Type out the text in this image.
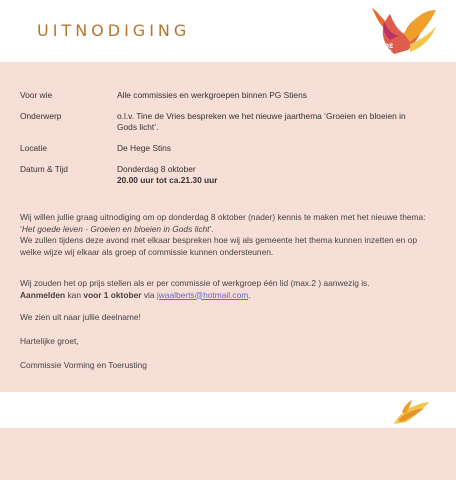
UITNODIGING	het
GOEDE
LEVEN
Voor wie	Alle commissies en werkgroepen binnen PG Stiens
Onderwerp	o.l.v. Tine de Vries bespreken we het nieuwe jaarthema ‘Groeien en bloeien in Gods licht’.
Locatie	De Hege Stins
Datum & Tijd	Donderdag 8 oktober
20.00 uur tot ca.21.30 uur
Wij willen jullie graag uitnodiging om op donderdag 8 oktober (nader) kennis te maken met het nieuwe thema: ‘Het goede leven - Groeien en bloeien in Gods licht’.
We zullen tijdens deze avond met elkaar bespreken hoe wij als gemeente het thema kunnen inzetten en op welke wijze wij elkaar als groep of commissie kunnen ondersteunen.
Wij zouden het op prijs stellen als er per commissie of werkgroep één lid (max.2 ) aanwezig is.
Aanmelden kan voor 1 oktober via jwaalberts@hotmail.com.
We zien uit naar jullie deelname!
Hartelijke groet,
Commissie Vorming en Toerusting
